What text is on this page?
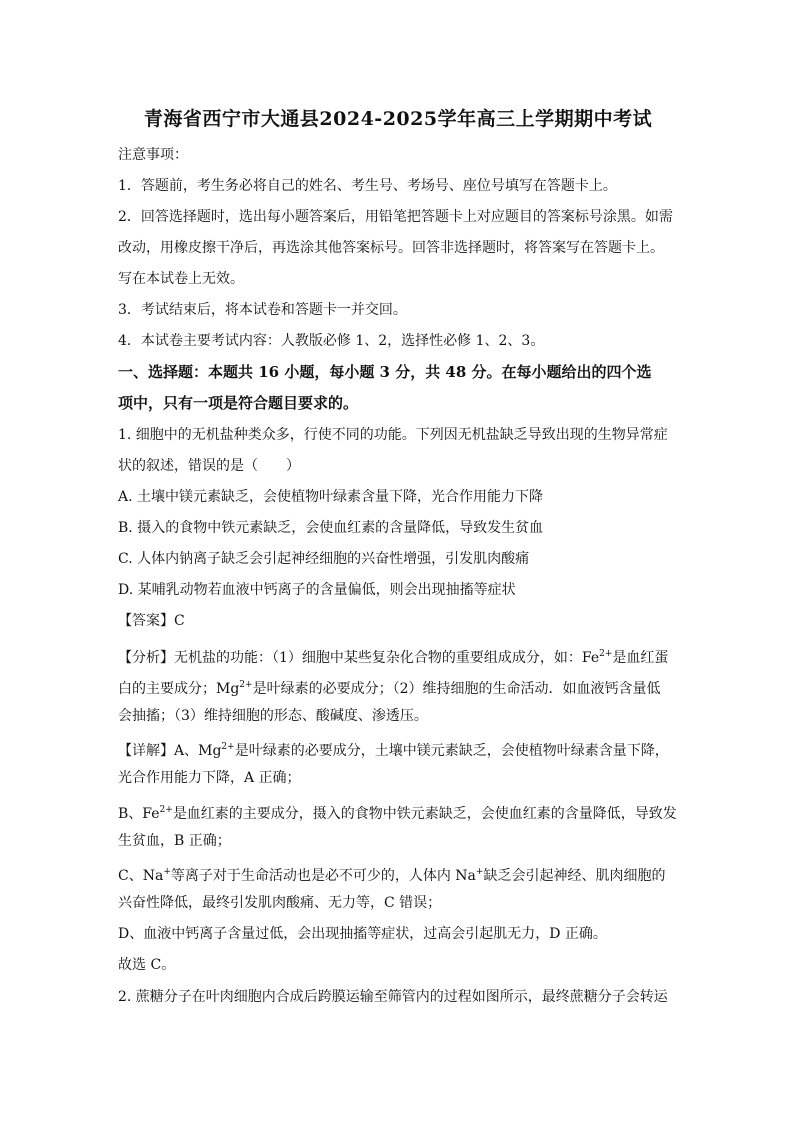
青海省西宁市大通县2024-2025学年高三上学期期中考试
注意事项：
1．答题前，考生务必将自己的姓名、考生号、考场号、座位号填写在答题卡上。
2．回答选择题时，选出每小题答案后，用铅笔把答题卡上对应题目的答案标号涂黑。如需
改动，用橡皮擦干净后，再选涂其他答案标号。回答非选择题时，将答案写在答题卡上。
写在本试卷上无效。
3．考试结束后，将本试卷和答题卡一并交回。
4．本试卷主要考试内容：人教版必修 1、2，选择性必修 1、2、3。
一、选择题：本题共 16 小题，每小题 3 分，共 48 分。在每小题给出的四个选
项中，只有一项是符合题目要求的。
1. 细胞中的无机盐种类众多，行使不同的功能。下列因无机盐缺乏导致出现的生物异常症
状的叙述，错误的是（　　）
A. 土壤中镁元素缺乏，会使植物叶绿素含量下降，光合作用能力下降
B. 摄入的食物中铁元素缺乏，会使血红素的含量降低，导致发生贫血
C. 人体内钠离子缺乏会引起神经细胞的兴奋性增强，引发肌肉酸痛
D. 某哺乳动物若血液中钙离子的含量偏低，则会出现抽搐等症状
【答案】C
【分析】无机盐的功能：（1）细胞中某些复杂化合物的重要组成成分，如：$Fe^{2+}$是血红蛋
白的主要成分；$Mg^{2+}$是叶绿素的必要成分；（2）维持细胞的生命活动．如血液钙含量低
会抽搐；（3）维持细胞的形态、酸碱度、渗透压。
【详解】A、$Mg^{2+}$是叶绿素的必要成分，土壤中镁元素缺乏，会使植物叶绿素含量下降，
光合作用能力下降，A 正确；
B、$Fe^{2+}$是血红素的主要成分，摄入的食物中铁元素缺乏，会使血红素的含量降低，导致发
生贫血，B 正确；
C、Na+等离子对于生命活动也是必不可少的，人体内 Na+缺乏会引起神经、肌肉细胞的
兴奋性降低，最终引发肌肉酸痛、无力等，C 错误；
D、血液中钙离子含量过低，会出现抽搐等症状，过高会引起肌无力，D 正确。
故选 C。
2. 蔗糖分子在叶肉细胞内合成后跨膜运输至筛管内的过程如图所示，最终蔗糖分子会转运
